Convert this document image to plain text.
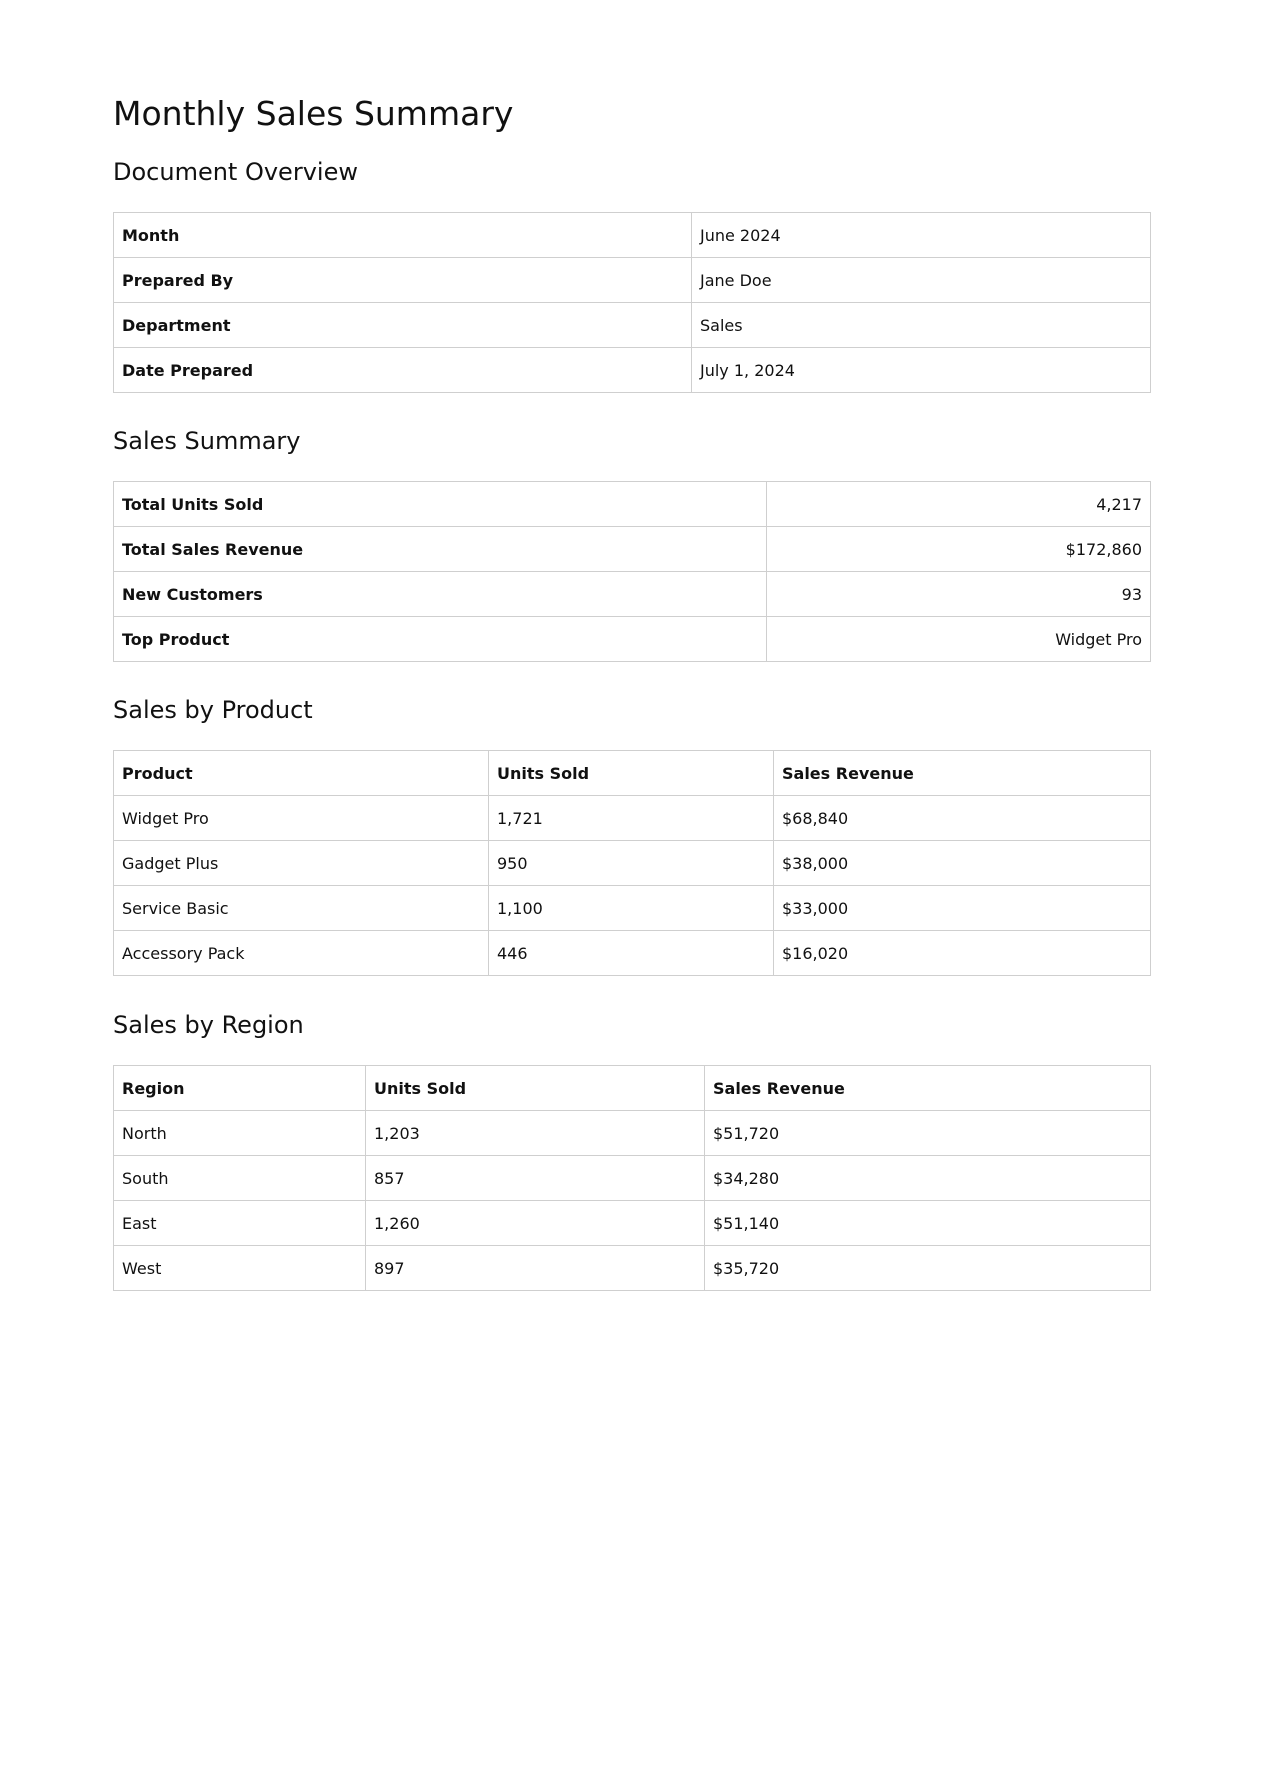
Monthly Sales Summary
Document Overview
Month	June 2024
Prepared By	Jane Doe
Department	Sales
Date Prepared	July 1, 2024
Sales Summary
Total Units Sold	4,217
Total Sales Revenue	$172,860
New Customers	93
Top Product	Widget Pro
Sales by Product
Product	Units Sold	Sales Revenue
Widget Pro	1,721	$68,840
Gadget Plus	950	$38,000
Service Basic	1,100	$33,000
Accessory Pack	446	$16,020
Sales by Region
Region	Units Sold	Sales Revenue
North	1,203	$51,720
South	857	$34,280
East	1,260	$51,140
West	897	$35,720
